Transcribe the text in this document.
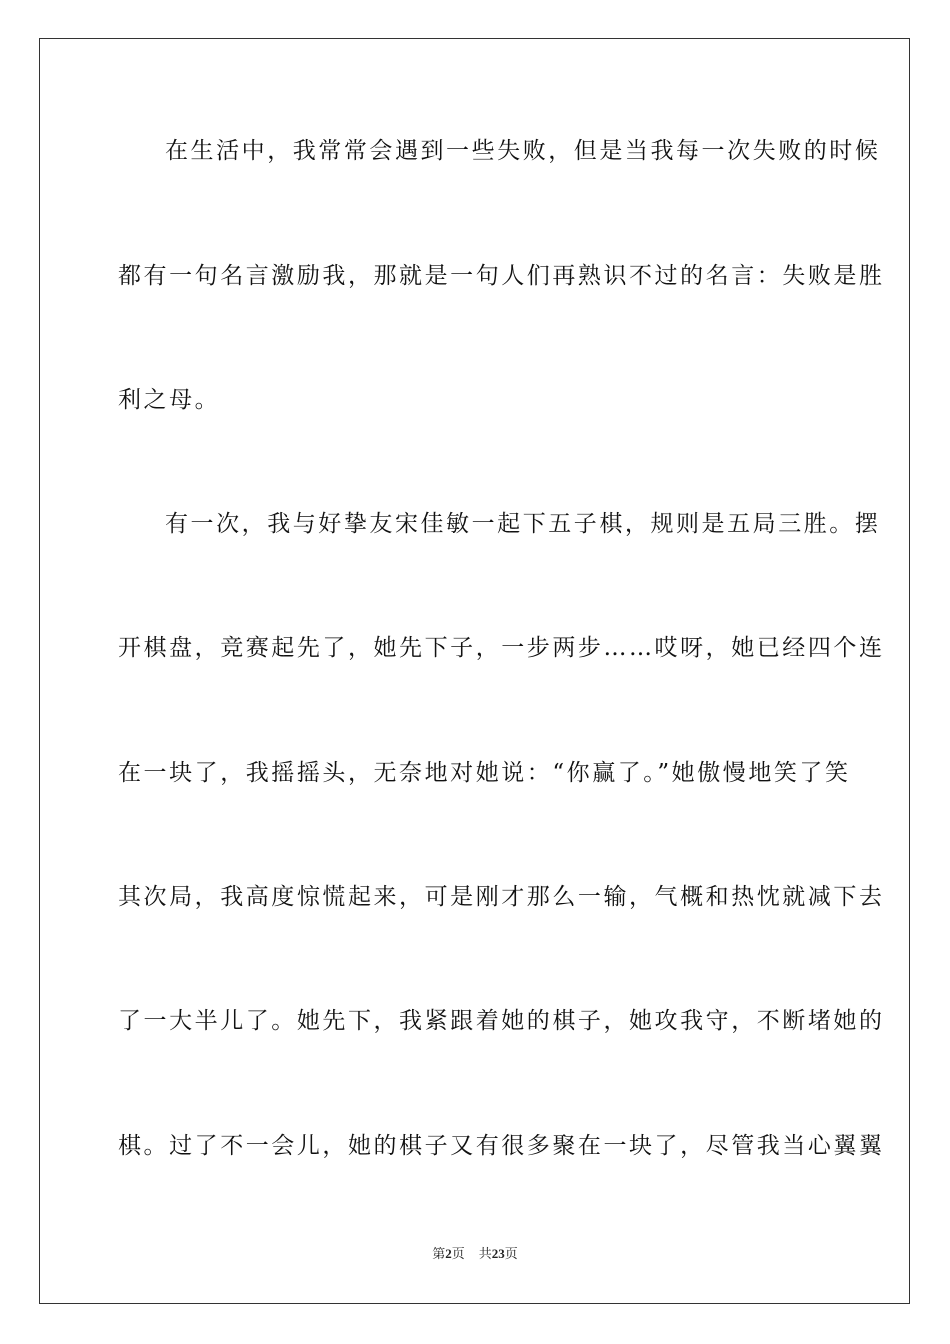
在生活中，我常常会遇到一些失败，但是当我每一次失败的时候
都有一句名言激励我，那就是一句人们再熟识不过的名言：失败是胜
利之母。
有一次，我与好挚友宋佳敏一起下五子棋，规则是五局三胜。摆
开棋盘，竞赛起先了，她先下子，一步两步……哎呀，她已经四个连
在一块了，我摇摇头，无奈地对她说：“你赢了。”她傲慢地笑了笑
其次局，我高度惊慌起来，可是刚才那么一输，气概和热忱就减下去
了一大半儿了。她先下，我紧跟着她的棋子，她攻我守，不断堵她的
棋。过了不一会儿，她的棋子又有很多聚在一块了，尽管我当心翼翼
第2页 共23页
